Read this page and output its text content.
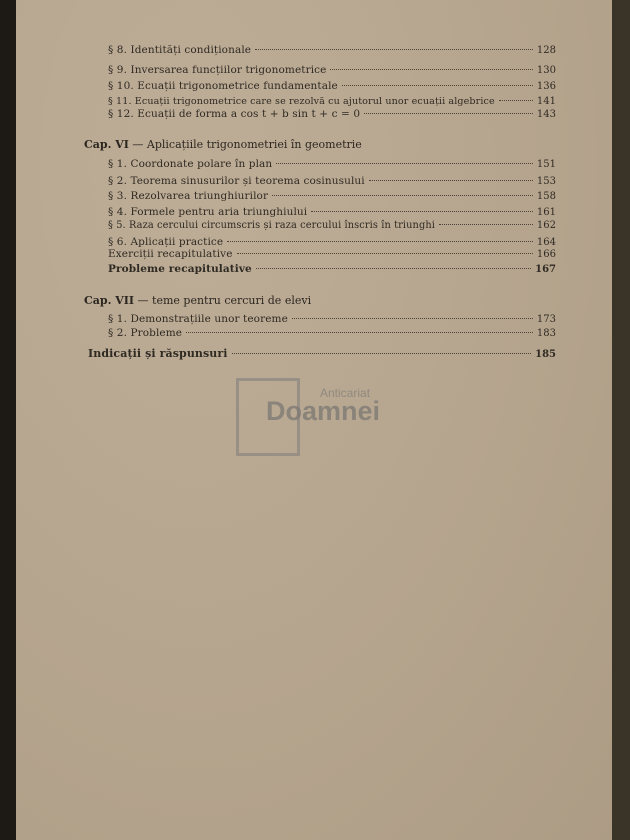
§ 8. Identități condiționale	128
§ 9. Inversarea funcțiilor trigonometrice	130
§ 10. Ecuații trigonometrice fundamentale	136
§ 11. Ecuații trigonometrice care se rezolvă cu ajutorul unor ecuații algebrice	141
§ 12. Ecuații de forma a cos t + b sin t + c = 0	143
Cap. VI — Aplicațiile trigonometriei în geometrie
§ 1. Coordonate polare în plan	151
§ 2. Teorema sinusurilor și teorema cosinusului	153
§ 3. Rezolvarea triunghiurilor	158
§ 4. Formele pentru aria triunghiului	161
§ 5. Raza cercului circumscris și raza cercului înscris în triunghi	162
§ 6. Aplicații practice	164
Exerciții recapitulative	166
Probleme recapitulative	167
Cap. VII — teme pentru cercuri de elevi
§ 1. Demonstrațiile unor teoreme	173
§ 2. Probleme	183
Indicații și răspunsuri	185
Anticariat
Doamnei
